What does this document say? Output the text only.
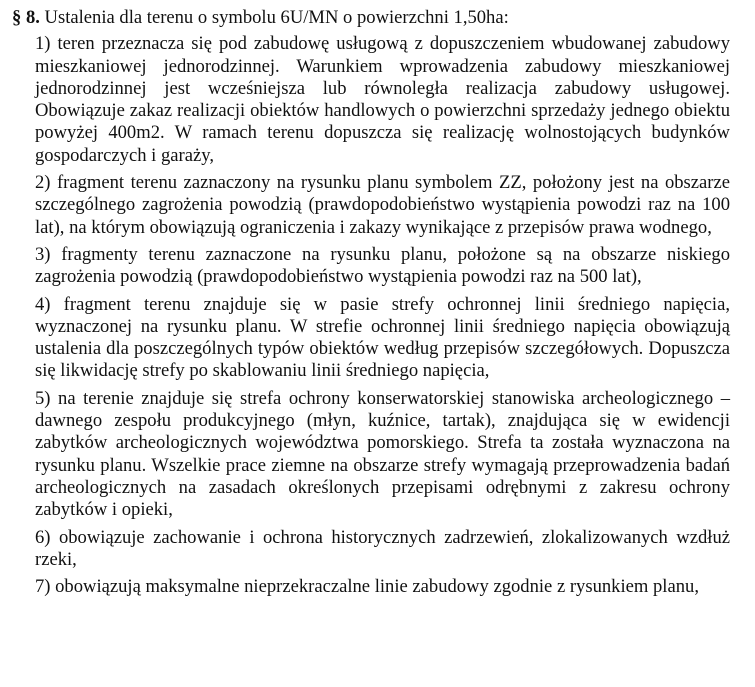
§ 8. Ustalenia dla terenu o symbolu 6U/MN o powierzchni 1,50ha:

1) teren przeznacza się pod zabudowę usługową z dopuszczeniem wbudowanej zabudowy mieszkaniowej jednorodzinnej. Warunkiem wprowadzenia zabudowy mieszkaniowej jednorodzinnej jest wcześniejsza lub równoległa realizacja zabudowy usługowej. Obowiązuje zakaz realizacji obiektów handlowych o powierzchni sprzedaży jednego obiektu powyżej 400m2. W ramach terenu dopuszcza się realizację wolnostojących budynków gospodarczych i garaży,
2) fragment terenu zaznaczony na rysunku planu symbolem ZZ, położony jest na obszarze szczególnego zagrożenia powodzią (prawdopodobieństwo wystąpienia powodzi raz na 100 lat), na którym obowiązują ograniczenia i zakazy wynikające z przepisów prawa wodnego,
3) fragmenty terenu zaznaczone na rysunku planu, położone są na obszarze niskiego zagrożenia powodzią (prawdopodobieństwo wystąpienia powodzi raz na 500 lat),
4) fragment terenu znajduje się w pasie strefy ochronnej linii średniego napięcia, wyznaczonej na rysunku planu. W strefie ochronnej linii średniego napięcia obowiązują ustalenia dla poszczególnych typów obiektów według przepisów szczegółowych. Dopuszcza się likwidację strefy po skablowaniu linii średniego napięcia,
5) na terenie znajduje się strefa ochrony konserwatorskiej stanowiska archeologicznego – dawnego zespołu produkcyjnego (młyn, kuźnice, tartak), znajdująca się w ewidencji zabytków archeologicznych województwa pomorskiego. Strefa ta została wyznaczona na rysunku planu. Wszelkie prace ziemne na obszarze strefy wymagają przeprowadzenia badań archeologicznych na zasadach określonych przepisami odrębnymi z zakresu ochrony zabytków i opieki,
6) obowiązuje zachowanie i ochrona historycznych zadrzewień, zlokalizowanych wzdłuż rzeki,
7) obowiązują maksymalne nieprzekraczalne linie zabudowy zgodnie z rysunkiem planu,
